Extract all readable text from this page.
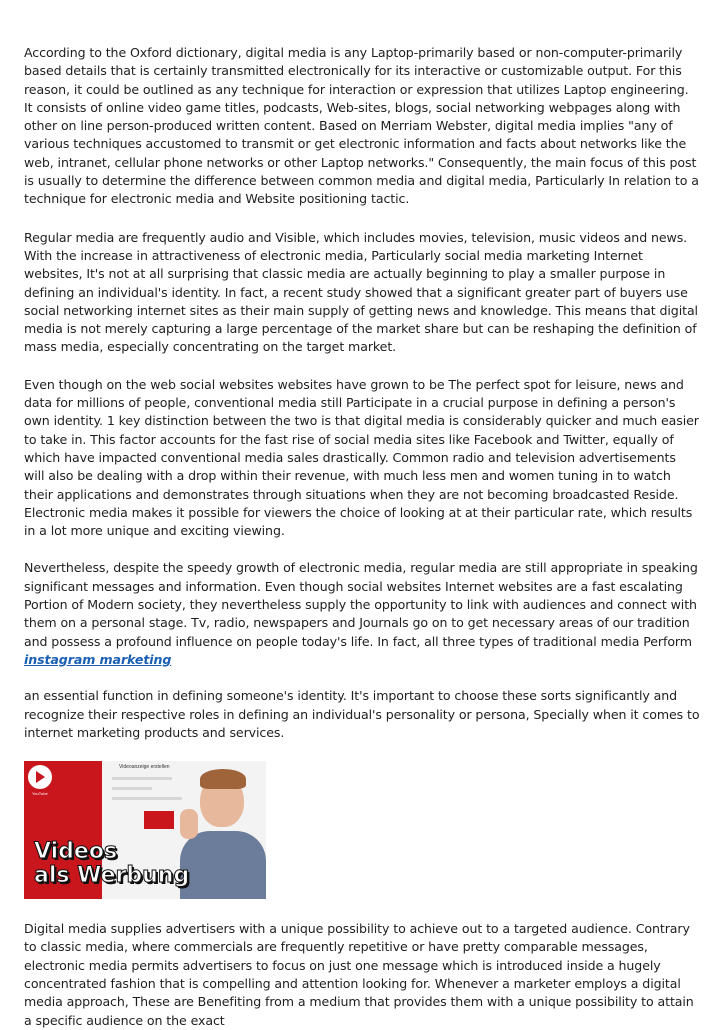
According to the Oxford dictionary, digital media is any Laptop-primarily based or non-computer-primarily based details that is certainly transmitted electronically for its interactive or customizable output. For this reason, it could be outlined as any technique for interaction or expression that utilizes Laptop engineering. It consists of online video game titles, podcasts, Web-sites, blogs, social networking webpages along with other on line person-produced written content. Based on Merriam Webster, digital media implies "any of various techniques accustomed to transmit or get electronic information and facts about networks like the web, intranet, cellular phone networks or other Laptop networks." Consequently, the main focus of this post is usually to determine the difference between common media and digital media, Particularly In relation to a technique for electronic media and Website positioning tactic.

Regular media are frequently audio and Visible, which includes movies, television, music videos and news. With the increase in attractiveness of electronic media, Particularly social media marketing Internet websites, It's not at all surprising that classic media are actually beginning to play a smaller purpose in defining an individual's identity. In fact, a recent study showed that a significant greater part of buyers use social networking internet sites as their main supply of getting news and knowledge. This means that digital media is not merely capturing a large percentage of the market share but can be reshaping the definition of mass media, especially concentrating on the target market.

Even though on the web social websites websites have grown to be The perfect spot for leisure, news and data for millions of people, conventional media still Participate in a crucial purpose in defining a person's own identity. 1 key distinction between the two is that digital media is considerably quicker and much easier to take in. This factor accounts for the fast rise of social media sites like Facebook and Twitter, equally of which have impacted conventional media sales drastically. Common radio and television advertisements will also be dealing with a drop within their revenue, with much less men and women tuning in to watch their applications and demonstrates through situations when they are not becoming broadcasted Reside. Electronic media makes it possible for viewers the choice of looking at at their particular rate, which results in a lot more unique and exciting viewing.

Nevertheless, despite the speedy growth of electronic media, regular media are still appropriate in speaking significant messages and information. Even though social websites Internet websites are a fast escalating Portion of Modern society, they nevertheless supply the opportunity to link with audiences and connect with them on a personal stage. Tv, radio, newspapers and Journals go on to get necessary areas of our tradition and possess a profound influence on people today's life. In fact, all three types of traditional media Perform instagram marketing

an essential function in defining someone's identity. It's important to choose these sorts significantly and recognize their respective roles in defining an individual's personality or persona, Specially when it comes to internet marketing products and services.

Videoanzeige erstellen
YouTube
Videos
als Werbung

Digital media supplies advertisers with a unique possibility to achieve out to a targeted audience. Contrary to classic media, where commercials are frequently repetitive or have pretty comparable messages, electronic media permits advertisers to focus on just one message which is introduced inside a hugely concentrated fashion that is compelling and attention looking for. Whenever a marketer employs a digital media approach, These are Benefiting from a medium that provides them with a unique possibility to attain a specific audience on the exact
